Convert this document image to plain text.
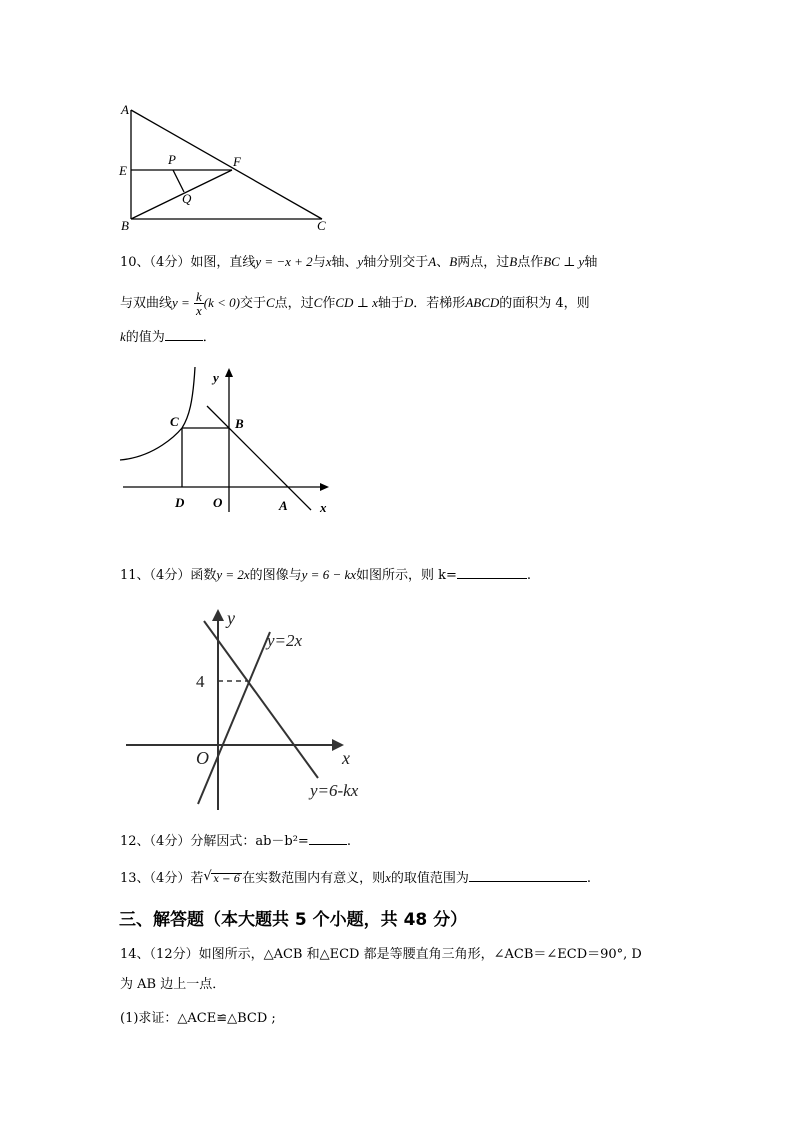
A
E
B
P	F
Q
C
10、（4分）如图，直线y = −x + 2与x轴、y轴分别交于A、B两点，过B点作BC ⊥ y轴
与双曲线$y = \frac{k}{x} (k < 0)$交于C点，过C作CD ⊥ x轴于D．若梯形ABCD的面积为 4，则
k的值为	．
y
C	B
D O	A x
11、（4分）函数y = 2x的图像与y = 6 − kx如图所示，则 k=	.
y
y=2x
4
O	x
y=6-kx
12、（4分）分解因式：ab－b²=	.
13、（4分）若 √ x − 6 在实数范围内有意义，则x的取值范围为	.
三、解答题（本大题共 5 个小题，共 48 分）
14、（12分）如图所示，△ACB 和△ECD 都是等腰直角三角形，∠ACB＝∠ECD＝90°, D
为 AB 边上一点．
(1)求证：△ACE≌△BCD ;
